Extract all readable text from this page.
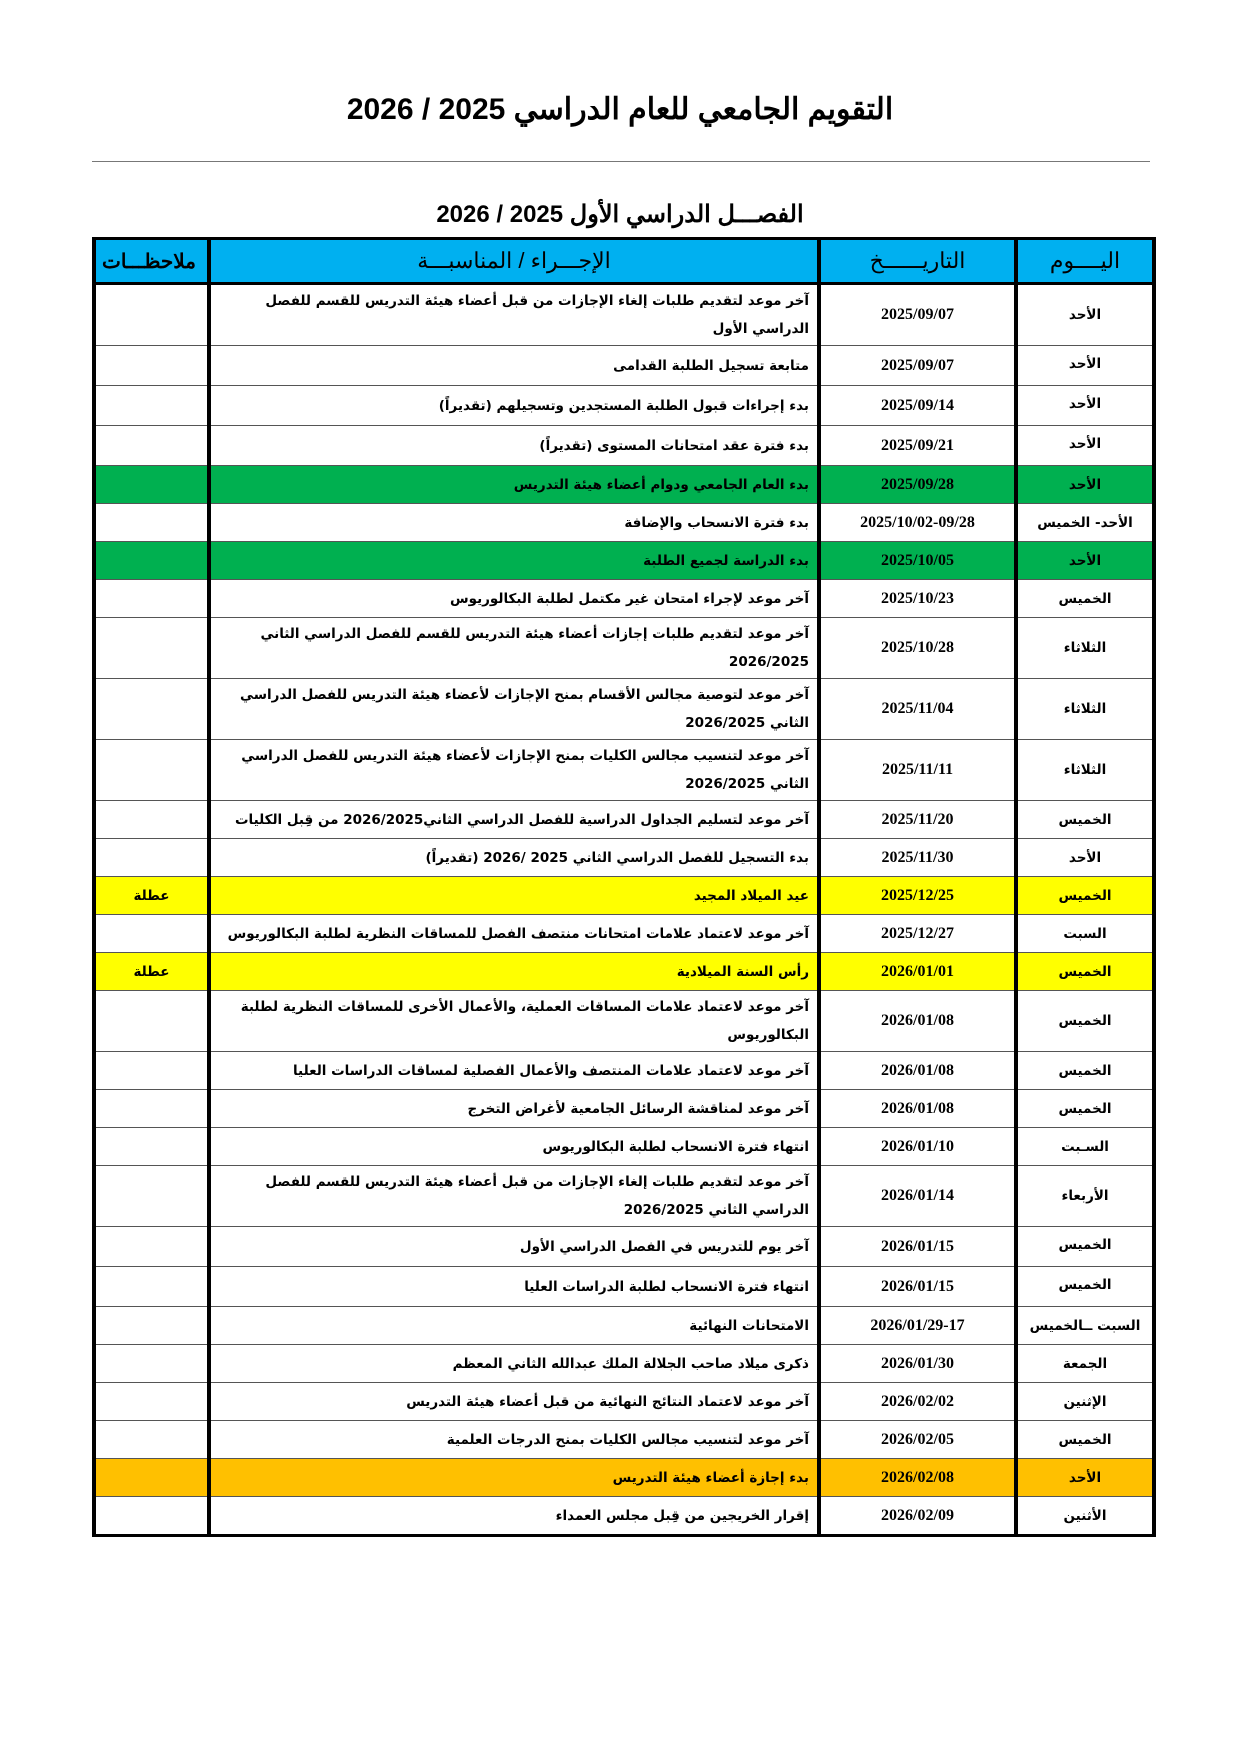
التقويم الجامعي للعام الدراسي 2025 / 2026
الفصـــل الدراسي الأول 2025 / 2026
اليــــوم	التاريــــــخ	الإجـــراء / المناسبـــة	ملاحظـــات
الأحد	2025/09/07	آخر موعد لتقديم طلبات إلغاء الإجازات من قبل أعضاء هيئة التدريس للقسم للفصل الدراسي الأول	
الأحد	2025/09/07	متابعة تسجيل الطلبة القدامى	
الأحد	2025/09/14	بدء إجراءات قبول الطلبة المستجدين وتسجيلهم (تقديراً)	
الأحد	2025/09/21	بدء فترة عقد امتحانات المستوى (تقديراً)	
الأحد	2025/09/28	بدء العام الجامعي ودوام أعضاء هيئة التدريس	
الأحد- الخميس	2025/10/02-09/28	بدء فترة الانسحاب والإضافة	
الأحد	2025/10/05	بدء الدراسة لجميع الطلبة	
الخميس	2025/10/23	آخر موعد لإجراء امتحان غير مكتمل لطلبة البكالوريوس	
الثلاثاء	2025/10/28	آخر موعد لتقديم طلبات إجازات أعضاء هيئة التدريس للقسم للفصل الدراسي الثاني 2026/2025	
الثلاثاء	2025/11/04	آخر موعد لتوصية مجالس الأقسام بمنح الإجازات لأعضاء هيئة التدريس للفصل الدراسي الثاني 2026/2025	
الثلاثاء	2025/11/11	آخر موعد لتنسيب مجالس الكليات بمنح الإجازات لأعضاء هيئة التدريس للفصل الدراسي الثاني 2026/2025	
الخميس	2025/11/20	آخر موعد لتسليم الجداول الدراسية للفصل الدراسي الثاني2026/2025 من قِبل الكليات	
الأحد	2025/11/30	بدء التسجيل للفصل الدراسي الثاني 2025 /2026 (تقديراً)	
الخميس	2025/12/25	عيد الميلاد المجيد	عطلة
السبت	2025/12/27	آخر موعد لاعتماد علامات امتحانات منتصف الفصل للمساقات النظرية لطلبة البكالوريوس	
الخميس	2026/01/01	رأس السنة الميلادية	عطلة
الخميس	2026/01/08	آخر موعد لاعتماد علامات المساقات العملية، والأعمال الأخرى للمساقات النظرية لطلبة البكالوريوس	
الخميس	2026/01/08	آخر موعد لاعتماد علامات المنتصف والأعمال الفصلية لمساقات الدراسات العليا	
الخميس	2026/01/08	آخر موعد لمناقشة الرسائل الجامعية لأغراض التخرج	
السـبت	2026/01/10	انتهاء فترة الانسحاب لطلبة البكالوريوس	
الأربعاء	2026/01/14	آخر موعد لتقديم طلبات إلغاء الإجازات من قبل أعضاء هيئة التدريس للقسم للفصل الدراسي الثاني 2026/2025	
الخميس	2026/01/15	آخر يوم للتدريس في الفصل الدراسي الأول	
الخميس	2026/01/15	انتهاء فترة الانسحاب لطلبة الدراسات العليا	
السبت ــالخميس	2026/01/29-17	الامتحانات النهائية	
الجمعة	2026/01/30	ذكرى ميلاد صاحب الجلالة الملك عبدالله الثاني المعظم	
الإثنين	2026/02/02	آخر موعد لاعتماد النتائج النهائية من قبل أعضاء هيئة التدريس	
الخميس	2026/02/05	آخر موعد لتنسيب مجالس الكليات بمنح الدرجات العلمية	
الأحد	2026/02/08	بدء إجازة أعضاء هيئة التدريس	
الأثنين	2026/02/09	إقرار الخريجين من قِبل مجلس العمداء	
